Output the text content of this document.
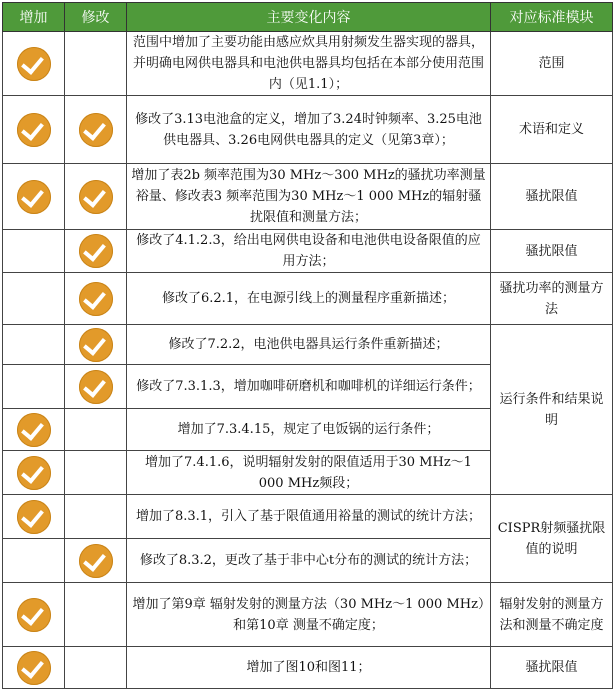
增加	修改	主要变化内容	对应标准模块
		范围中增加了主要功能由感应炊具用射频发生器实现的器具，并明确电网供电器具和电池供电器具均包括在本部分使用范围内（见1.1）；	范围
		修改了3.13电池盒的定义，增加了3.24时钟频率、3.25电池供电器具、3.26电网供电器具的定义（见第3章）；	术语和定义
		增加了表2b 频率范围为30 MHz～300 MHz的骚扰功率测量裕量、修改表3 频率范围为30 MHz～1 000 MHz的辐射骚扰限值和测量方法；	骚扰限值
		修改了4.1.2.3，给出电网供电设备和电池供电设备限值的应用方法；	骚扰限值
		修改了6.2.1，在电源引线上的测量程序重新描述；	骚扰功率的测量方法
		修改了7.2.2，电池供电器具运行条件重新描述；	运行条件和结果说明
		修改了7.3.1.3，增加咖啡研磨机和咖啡机的详细运行条件；	
		增加了7.3.4.15，规定了电饭锅的运行条件；	
		增加了7.4.1.6，说明辐射发射的限值适用于30 MHz～1 000 MHz频段；	
		增加了8.3.1，引入了基于限值通用裕量的测试的统计方法；	CISPR射频骚扰限值的说明
		修改了8.3.2，更改了基于非中心t分布的测试的统计方法；	
		增加了第9章 辐射发射的测量方法（30 MHz～1 000 MHz）和第10章 测量不确定度；	辐射发射的测量方法和测量不确定度
		增加了图10和图11；	骚扰限值
